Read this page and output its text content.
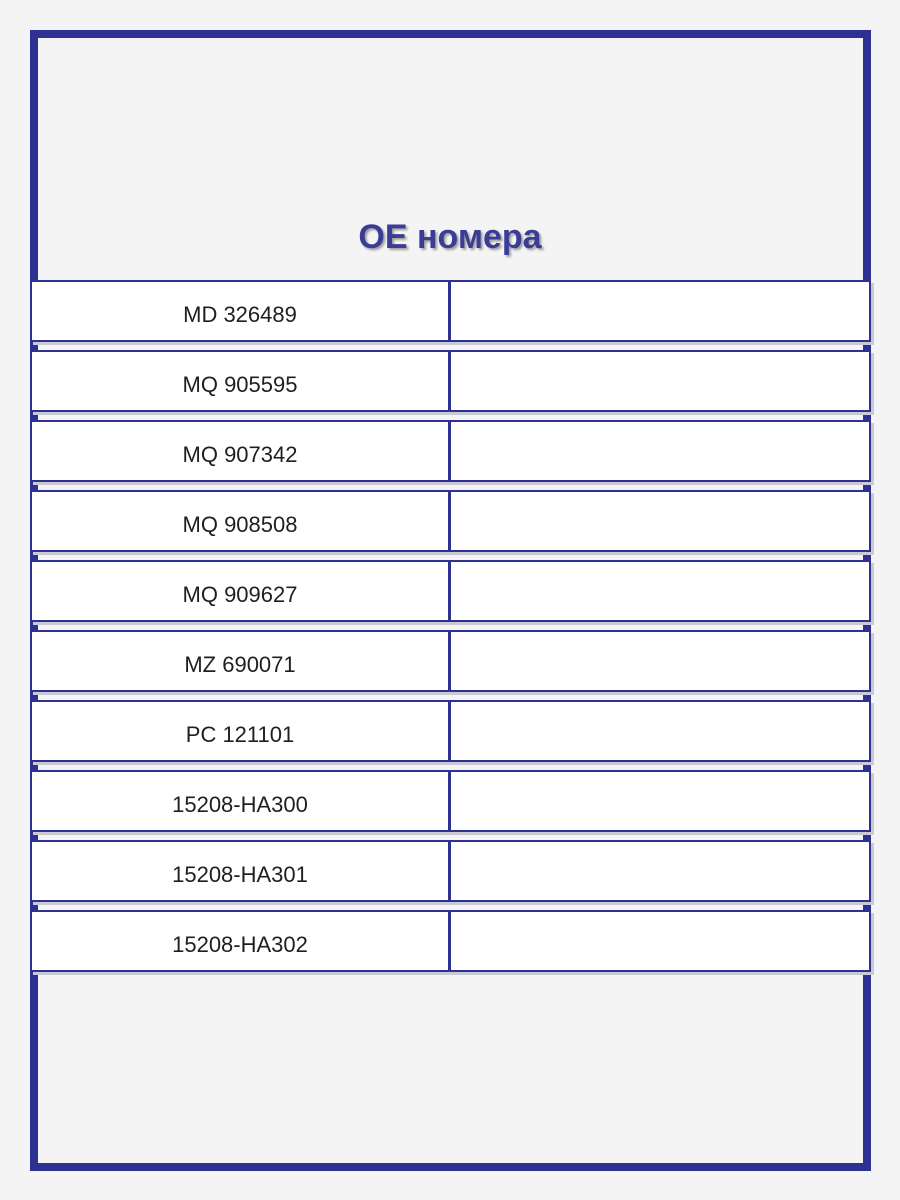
OE номера
MD 326489
MQ 905595
MQ 907342
MQ 908508
MQ 909627
MZ 690071
PC 121101
15208-HA300
15208-HA301
15208-HA302
